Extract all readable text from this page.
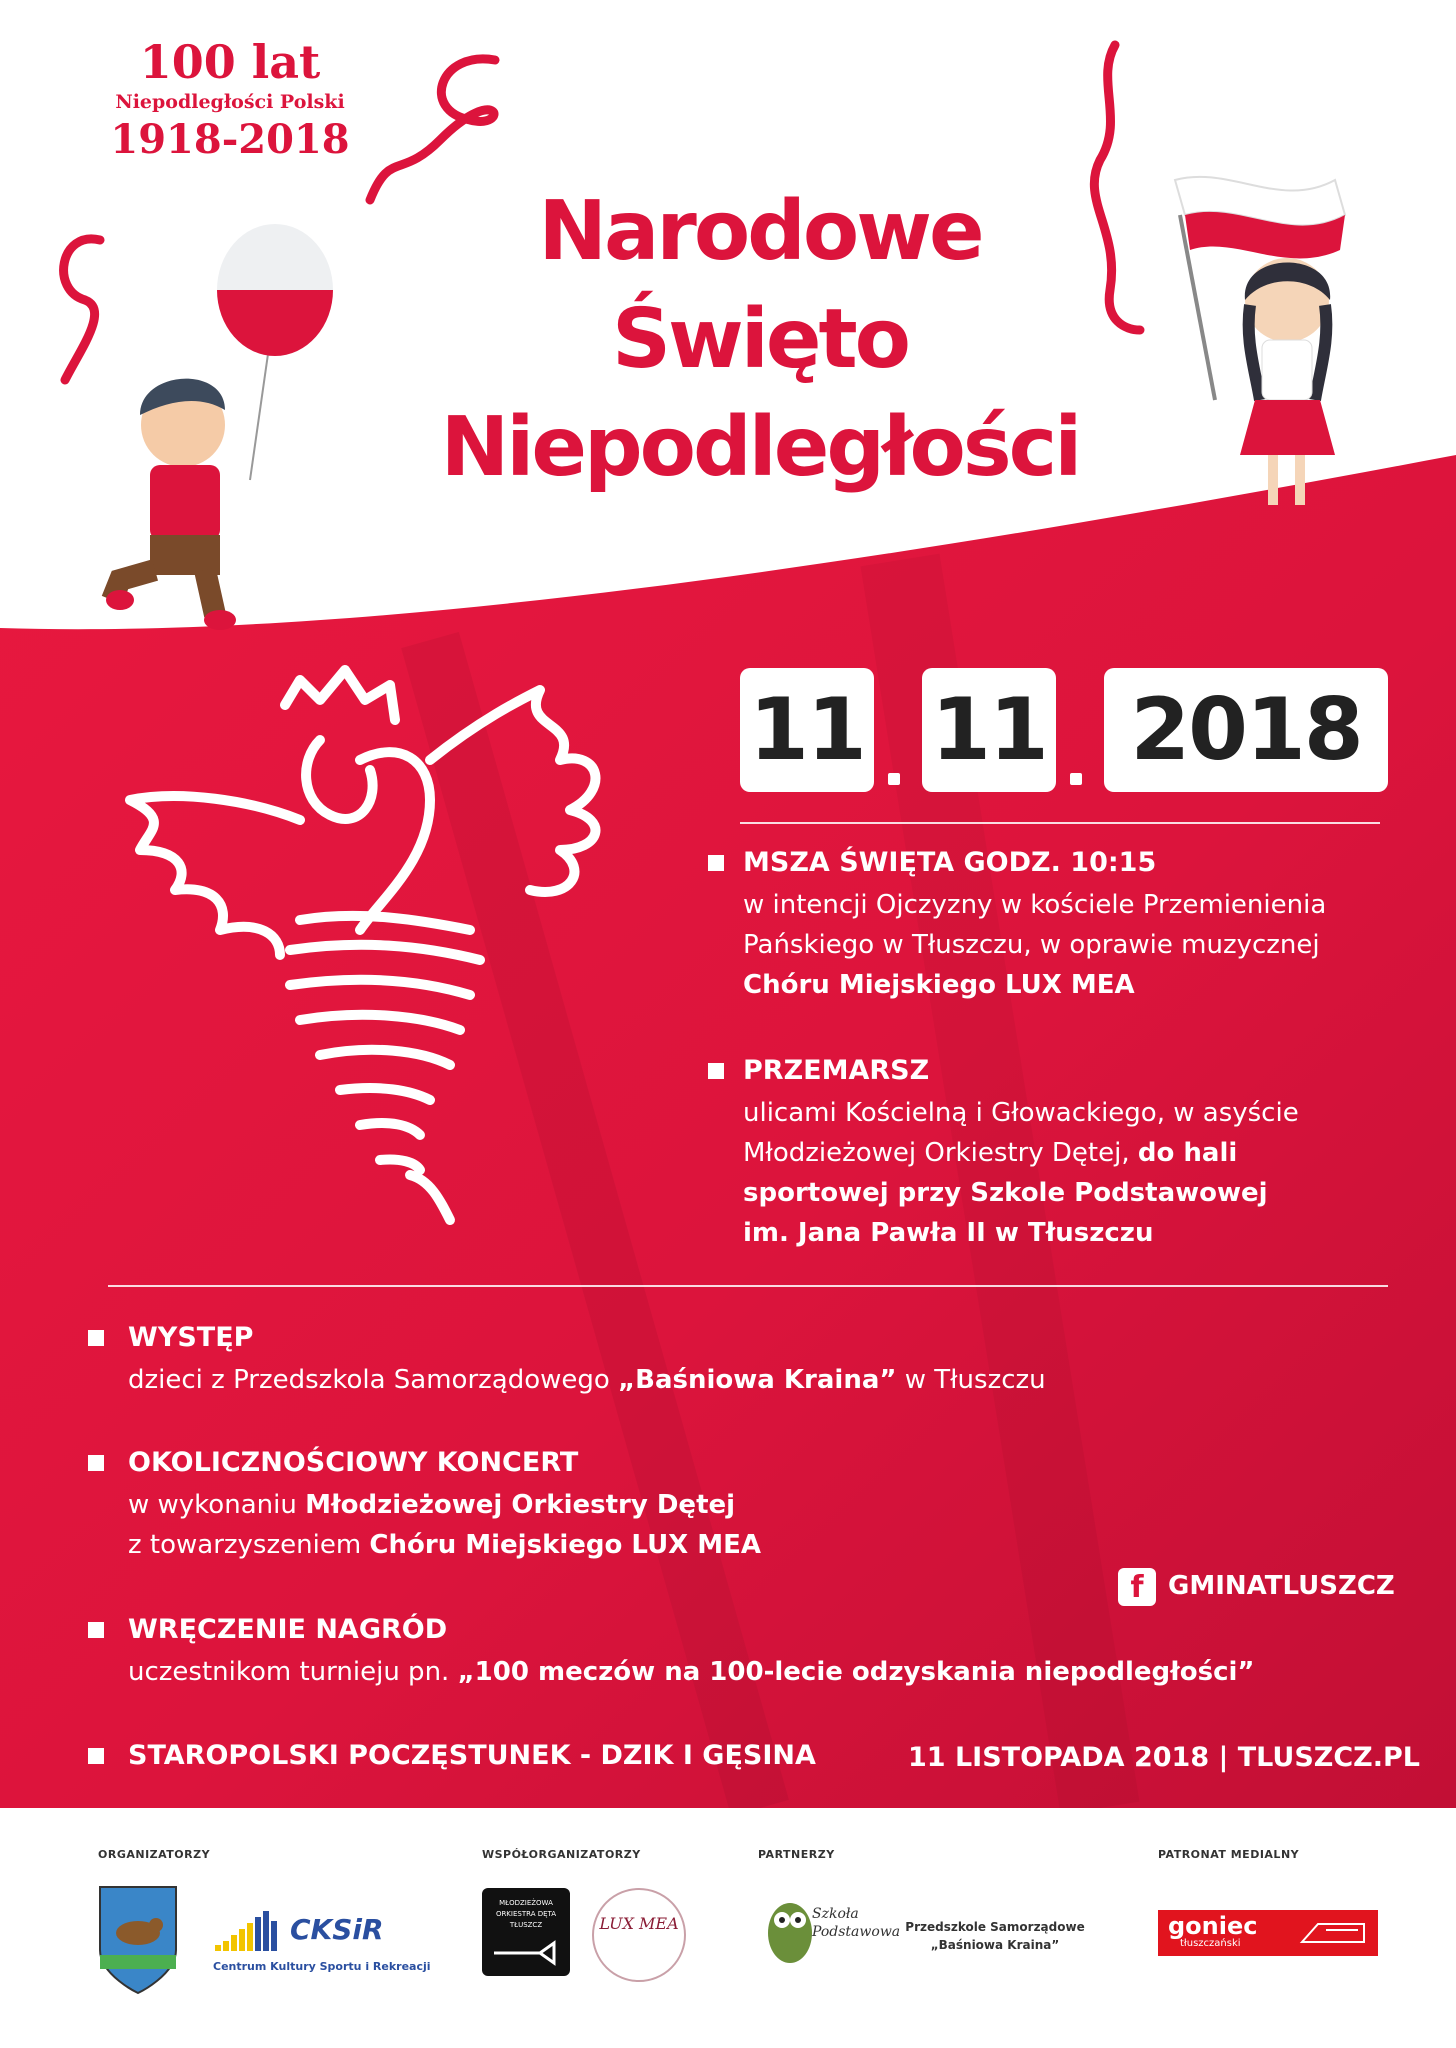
100 lat
Niepodległości Polski
1918-2018
Narodowe
Święto
Niepodległości
11 11 2018
MSZA ŚWIĘTA GODZ. 10:15
w intencji Ojczyzny w kościele Przemienienia
Pańskiego w Tłuszczu, w oprawie muzycznej
Chóru Miejskiego LUX MEA
PRZEMARSZ
ulicami Kościelną i Głowackiego, w asyście
Młodzieżowej Orkiestry Dętej, do hali
sportowej przy Szkole Podstawowej
im. Jana Pawła II w Tłuszczu
WYSTĘP
dzieci z Przedszkola Samorządowego „Baśniowa Kraina” w Tłuszczu
OKOLICZNOŚCIOWY KONCERT
w wykonaniu Młodzieżowej Orkiestry Dętej
z towarzyszeniem Chóru Miejskiego LUX MEA
WRĘCZENIE NAGRÓD
uczestnikom turnieju pn. „100 meczów na 100-lecie odzyskania niepodległości”
STAROPOLSKI POCZĘSTUNEK - DZIK I GĘSINA
f GMINATLUSZCZ
11 LISTOPADA 2018 | TLUSZCZ.PL
ORGANIZATORZY	WSPÓŁORGANIZATORZY	PARTNERZY	PATRONAT MEDIALNY
CKSiR
Centrum Kultury Sportu i Rekreacji
MŁODZIEŻOWA ORKIESTRA DĘTA TŁUSZCZ	LUX MEA	Szkoła Podstawowa Przedszkole Samorządowe
„Baśniowa Kraina”
goniec
tłuszczański
